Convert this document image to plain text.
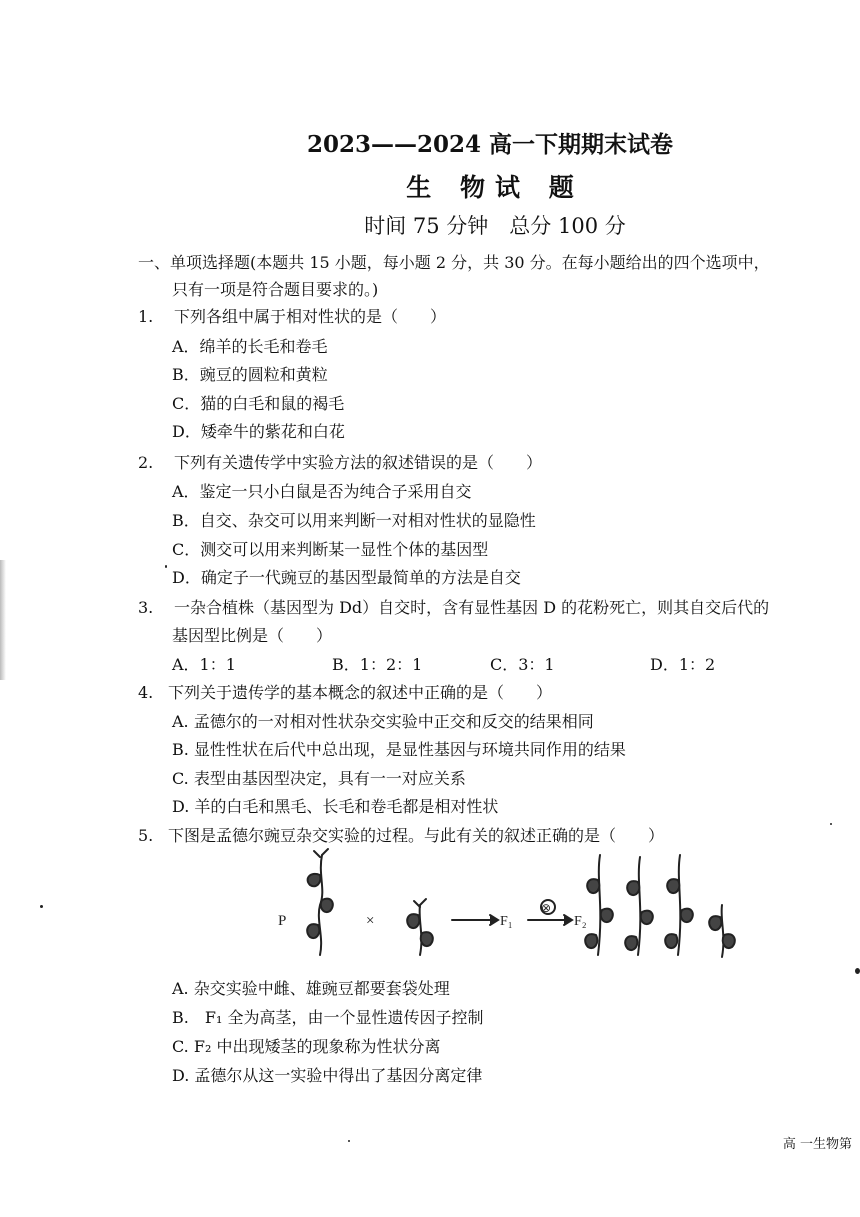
2023——2024 高一下期期末试卷
生 物试 题
时间 75 分钟　总分 100 分
一、单项选择题(本题共 15 小题，每小题 2 分，共 30 分。在每小题给出的四个选项中，
只有一项是符合题目要求的。)
1. 下列各组中属于相对性状的是（　　）
A．绵羊的长毛和卷毛
B．豌豆的圆粒和黄粒
C．猫的白毛和鼠的褐毛
D．矮牵牛的紫花和白花
2. 下列有关遗传学中实验方法的叙述错误的是（　　）
A．鉴定一只小白鼠是否为纯合子采用自交
B．自交、杂交可以用来判断一对相对性状的显隐性
C．测交可以用来判断某一显性个体的基因型
D．确定子一代豌豆的基因型最简单的方法是自交
3. 一杂合植株（基因型为 Dd）自交时，含有显性基因 D 的花粉死亡，则其自交后代的
基因型比例是（　　）
A．1：1	B．1：2：1	C．3：1	D．1：2
4. 下列关于遗传学的基本概念的叙述中正确的是（　　）
A. 孟德尔的一对相对性状杂交实验中正交和反交的结果相同
B. 显性性状在后代中总出现，是显性基因与环境共同作用的结果
C. 表型由基因型决定，具有一一对应关系
D. 羊的白毛和黑毛、长毛和卷毛都是相对性状
5. 下图是孟德尔豌豆杂交实验的过程。与此有关的叙述正确的是（　　）
P	×	F₁	F₂
⊗
A. 杂交实验中雌、雄豌豆都要套袋处理
B.　F₁ 全为高茎，由一个显性遗传因子控制
C. F₂ 中出现矮茎的现象称为性状分离
D. 孟德尔从这一实验中得出了基因分离定律
高 一生物第
